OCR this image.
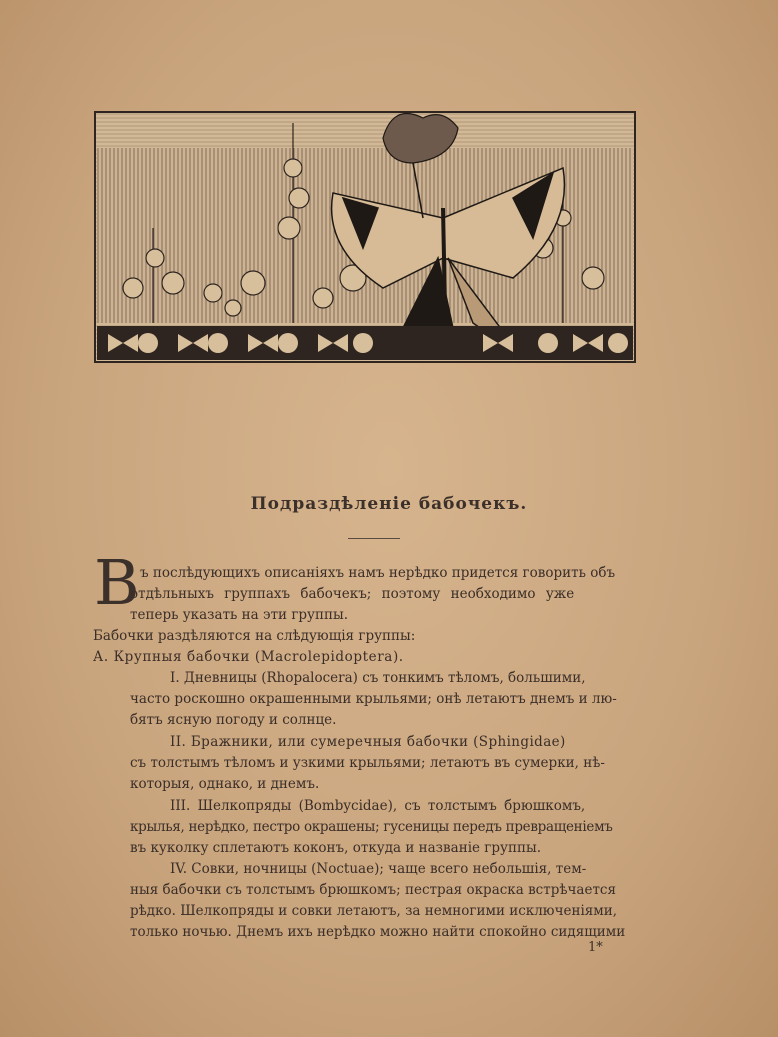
Подраздѣленіе бабочекъ.
В ъ послѣдующихъ описаніяхъ намъ нерѣдко придется говорить объ
отдѣльныхъ группахъ бабочекъ; поэтому необходимо уже
теперь указать на эти группы.
Бабочки раздѣляются на слѣдующія группы:
А. Крупныя бабочки (Macrolepidoptera).
I. Дневницы (Rhopalocera) съ тонкимъ тѣломъ, большими,
часто роскошно окрашенными крыльями; онѣ летаютъ днемъ и лю-
бятъ ясную погоду и солнце.
II. Бражники, или сумеречныя бабочки (Sphingidae)
съ толстымъ тѣломъ и узкими крыльями; летаютъ въ сумерки, нѣ-
которыя, однако, и днемъ.
III. Шелкопряды (Bombycidae), съ толстымъ брюшкомъ,
крылья, нерѣдко, пестро окрашены; гусеницы передъ превращеніемъ
въ куколку сплетаютъ коконъ, откуда и названіе группы.
IV. Совки, ночницы (Noctuae); чаще всего небольшія, тем-
ныя бабочки съ толстымъ брюшкомъ; пестрая окраска встрѣчается
рѣдко. Шелкопряды и совки летаютъ, за немногими исключеніями,
только ночью. Днемъ ихъ нерѣдко можно найти спокойно сидящими
1*
